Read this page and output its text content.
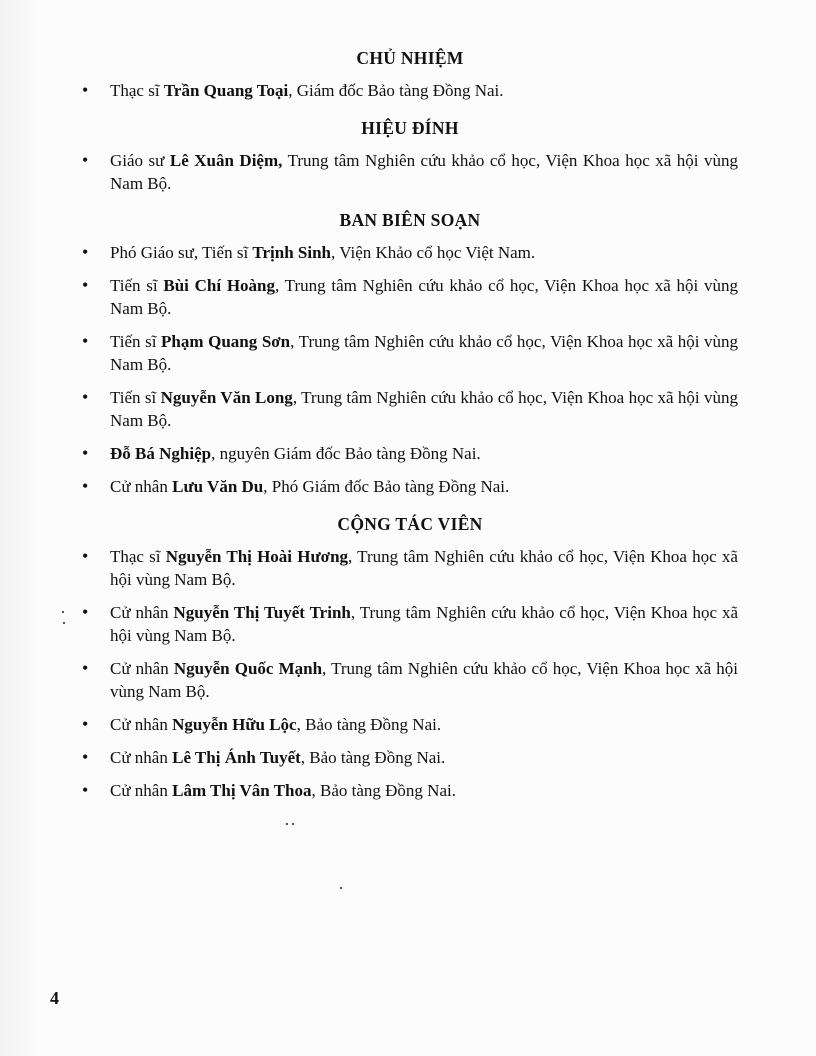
CHỦ NHIỆM
• Thạc sĩ Trần Quang Toại, Giám đốc Bảo tàng Đồng Nai.
HIỆU ĐÍNH
• Giáo sư Lê Xuân Diệm, Trung tâm Nghiên cứu khảo cổ học, Viện Khoa học xã hội vùng Nam Bộ.
BAN BIÊN SOẠN
• Phó Giáo sư, Tiến sĩ Trịnh Sinh, Viện Khảo cổ học Việt Nam.
• Tiến sĩ Bùi Chí Hoàng, Trung tâm Nghiên cứu khảo cổ học, Viện Khoa học xã hội vùng Nam Bộ.
• Tiến sĩ Phạm Quang Sơn, Trung tâm Nghiên cứu khảo cổ học, Viện Khoa học xã hội vùng Nam Bộ.
• Tiến sĩ Nguyễn Văn Long, Trung tâm Nghiên cứu khảo cổ học, Viện Khoa học xã hội vùng Nam Bộ.
• Đỗ Bá Nghiệp, nguyên Giám đốc Bảo tàng Đồng Nai.
• Cử nhân Lưu Văn Du, Phó Giám đốc Bảo tàng Đồng Nai.
CỘNG TÁC VIÊN
• Thạc sĩ Nguyễn Thị Hoài Hương, Trung tâm Nghiên cứu khảo cổ học, Viện Khoa học xã hội vùng Nam Bộ.
• Cử nhân Nguyễn Thị Tuyết Trinh, Trung tâm Nghiên cứu khảo cổ học, Viện Khoa học xã hội vùng Nam Bộ.
• Cử nhân Nguyễn Quốc Mạnh, Trung tâm Nghiên cứu khảo cổ học, Viện Khoa học xã hội vùng Nam Bộ.
• Cử nhân Nguyễn Hữu Lộc, Bảo tàng Đồng Nai.
• Cử nhân Lê Thị Ánh Tuyết, Bảo tàng Đồng Nai.
• Cử nhân Lâm Thị Vân Thoa, Bảo tàng Đồng Nai.
4
